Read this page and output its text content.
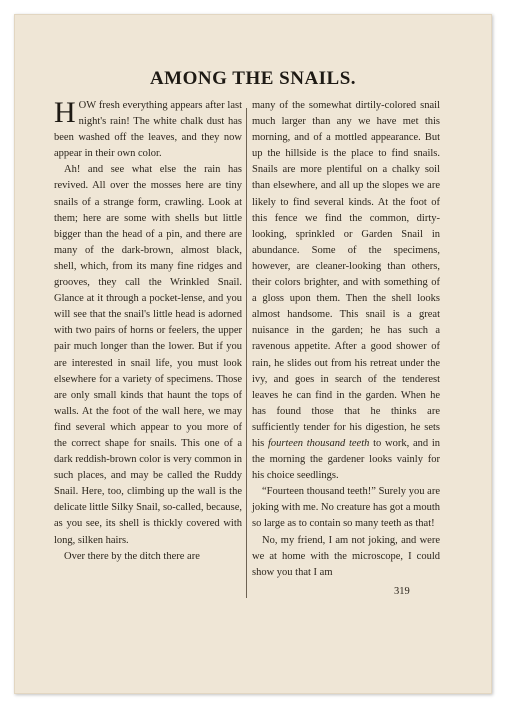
AMONG THE SNAILS.

HOW fresh everything appears after last night's rain! The white chalk dust has been washed off the leaves, and they now appear in their own color.

Ah! and see what else the rain has revived. All over the mosses here are tiny snails of a strange form, crawling. Look at them; here are some with shells but little bigger than the head of a pin, and there are many of the dark-brown, almost black, shell, which, from its many fine ridges and grooves, they call the Wrinkled Snail. Glance at it through a pocket-lense, and you will see that the snail's little head is adorned with two pairs of horns or feelers, the upper pair much longer than the lower. But if you are interested in snail life, you must look elsewhere for a variety of specimens. Those are only small kinds that haunt the tops of walls. At the foot of the wall here, we may find several which appear to you more of the correct shape for snails. This one of a dark reddish-brown color is very common in such places, and may be called the Ruddy Snail. Here, too, climbing up the wall is the delicate little Silky Snail, so-called, because, as you see, its shell is thickly covered with long, silken hairs.

Over there by the ditch there are

many of the somewhat dirtily-colored snail much larger than any we have met this morning, and of a mottled appearance. But up the hillside is the place to find snails. Snails are more plentiful on a chalky soil than elsewhere, and all up the slopes we are likely to find several kinds. At the foot of this fence we find the common, dirty-looking, sprinkled or Garden Snail in abundance. Some of the specimens, however, are cleaner-looking than others, their colors brighter, and with something of a gloss upon them. Then the shell looks almost handsome. This snail is a great nuisance in the garden; he has such a ravenous appetite. After a good shower of rain, he slides out from his retreat under the ivy, and goes in search of the tenderest leaves he can find in the garden. When he has found those that he thinks are sufficiently tender for his digestion, he sets his fourteen thousand teeth to work, and in the morning the gardener looks vainly for his choice seedlings.

“Fourteen thousand teeth!” Surely you are joking with me. No creature has got a mouth so large as to contain so many teeth as that!

No, my friend, I am not joking, and were we at home with the microscope, I could show you that I am

319
